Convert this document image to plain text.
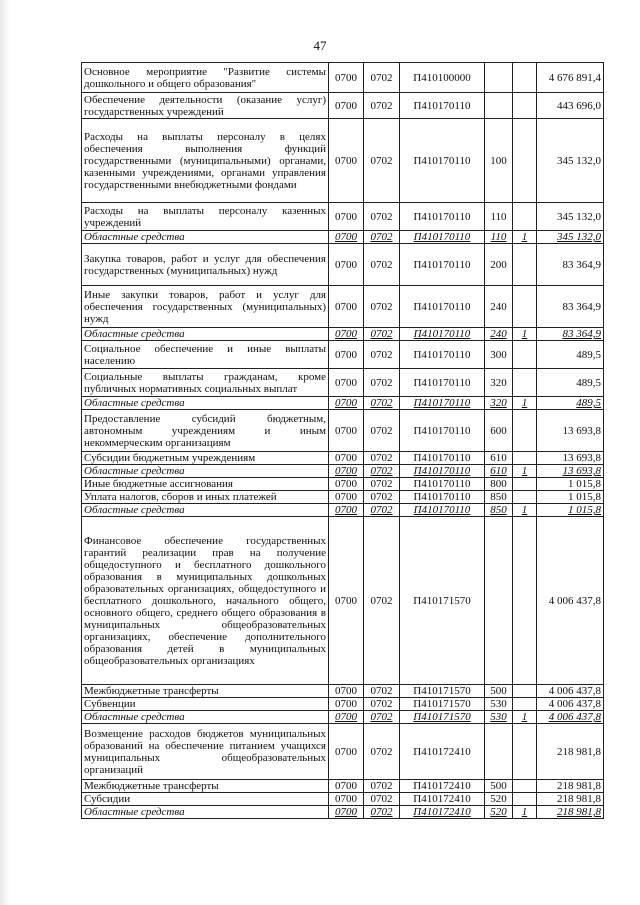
47
Основное мероприятие "Развитие системы дошкольного и общего образования"	0700	0702	П410100000			4 676 891,4
Обеспечение деятельности (оказание услуг) государственных учреждений	0700	0702	П410170110			443 696,0
Расходы на выплаты персоналу в целях обеспечения выполнения функций государственными (муниципальными) органами, казенными учреждениями, органами управления государственными внебюджетными фондами	0700	0702	П410170110	100		345 132,0
Расходы на выплаты персоналу казенных учреждений	0700	0702	П410170110	110		345 132,0
Областные средства	0700	0702	П410170110	110	1	345 132,0
Закупка товаров, работ и услуг для обеспечения государственных (муниципальных) нужд	0700	0702	П410170110	200		83 364,9
Иные закупки товаров, работ и услуг для обеспечения государственных (муниципальных) нужд	0700	0702	П410170110	240		83 364,9
Областные средства	0700	0702	П410170110	240	1	83 364,9
Социальное обеспечение и иные выплаты населению	0700	0702	П410170110	300		489,5
Социальные выплаты гражданам, кроме публичных нормативных социальных выплат	0700	0702	П410170110	320		489,5
Областные средства	0700	0702	П410170110	320	1	489,5
Предоставление субсидий бюджетным, автономным учреждениям и иным некоммерческим организациям	0700	0702	П410170110	600		13 693,8
Субсидии бюджетным учреждениям	0700	0702	П410170110	610		13 693,8
Областные средства	0700	0702	П410170110	610	1	13 693,8
Иные бюджетные ассигнования	0700	0702	П410170110	800		1 015,8
Уплата налогов, сборов и иных платежей	0700	0702	П410170110	850		1 015,8
Областные средства	0700	0702	П410170110	850	1	1 015,8
Финансовое обеспечение государственных гарантий реализации прав на получение общедоступного и бесплатного дошкольного образования в муниципальных дошкольных образовательных организациях, общедоступного и бесплатного дошкольного, начального общего, основного общего, среднего общего образования в муниципальных общеобразовательных организациях, обеспечение дополнительного образования детей в муниципальных общеобразовательных организациях	0700	0702	П410171570			4 006 437,8
Межбюджетные трансферты	0700	0702	П410171570	500		4 006 437,8
Субвенции	0700	0702	П410171570	530		4 006 437,8
Областные средства	0700	0702	П410171570	530	1	4 006 437,8
Возмещение расходов бюджетов муниципальных образований на обеспечение питанием учащихся муниципальных общеобразовательных организаций	0700	0702	П410172410			218 981,8
Межбюджетные трансферты	0700	0702	П410172410	500		218 981,8
Субсидии	0700	0702	П410172410	520		218 981,8
Областные средства	0700	0702	П410172410	520	1	218 981,8
